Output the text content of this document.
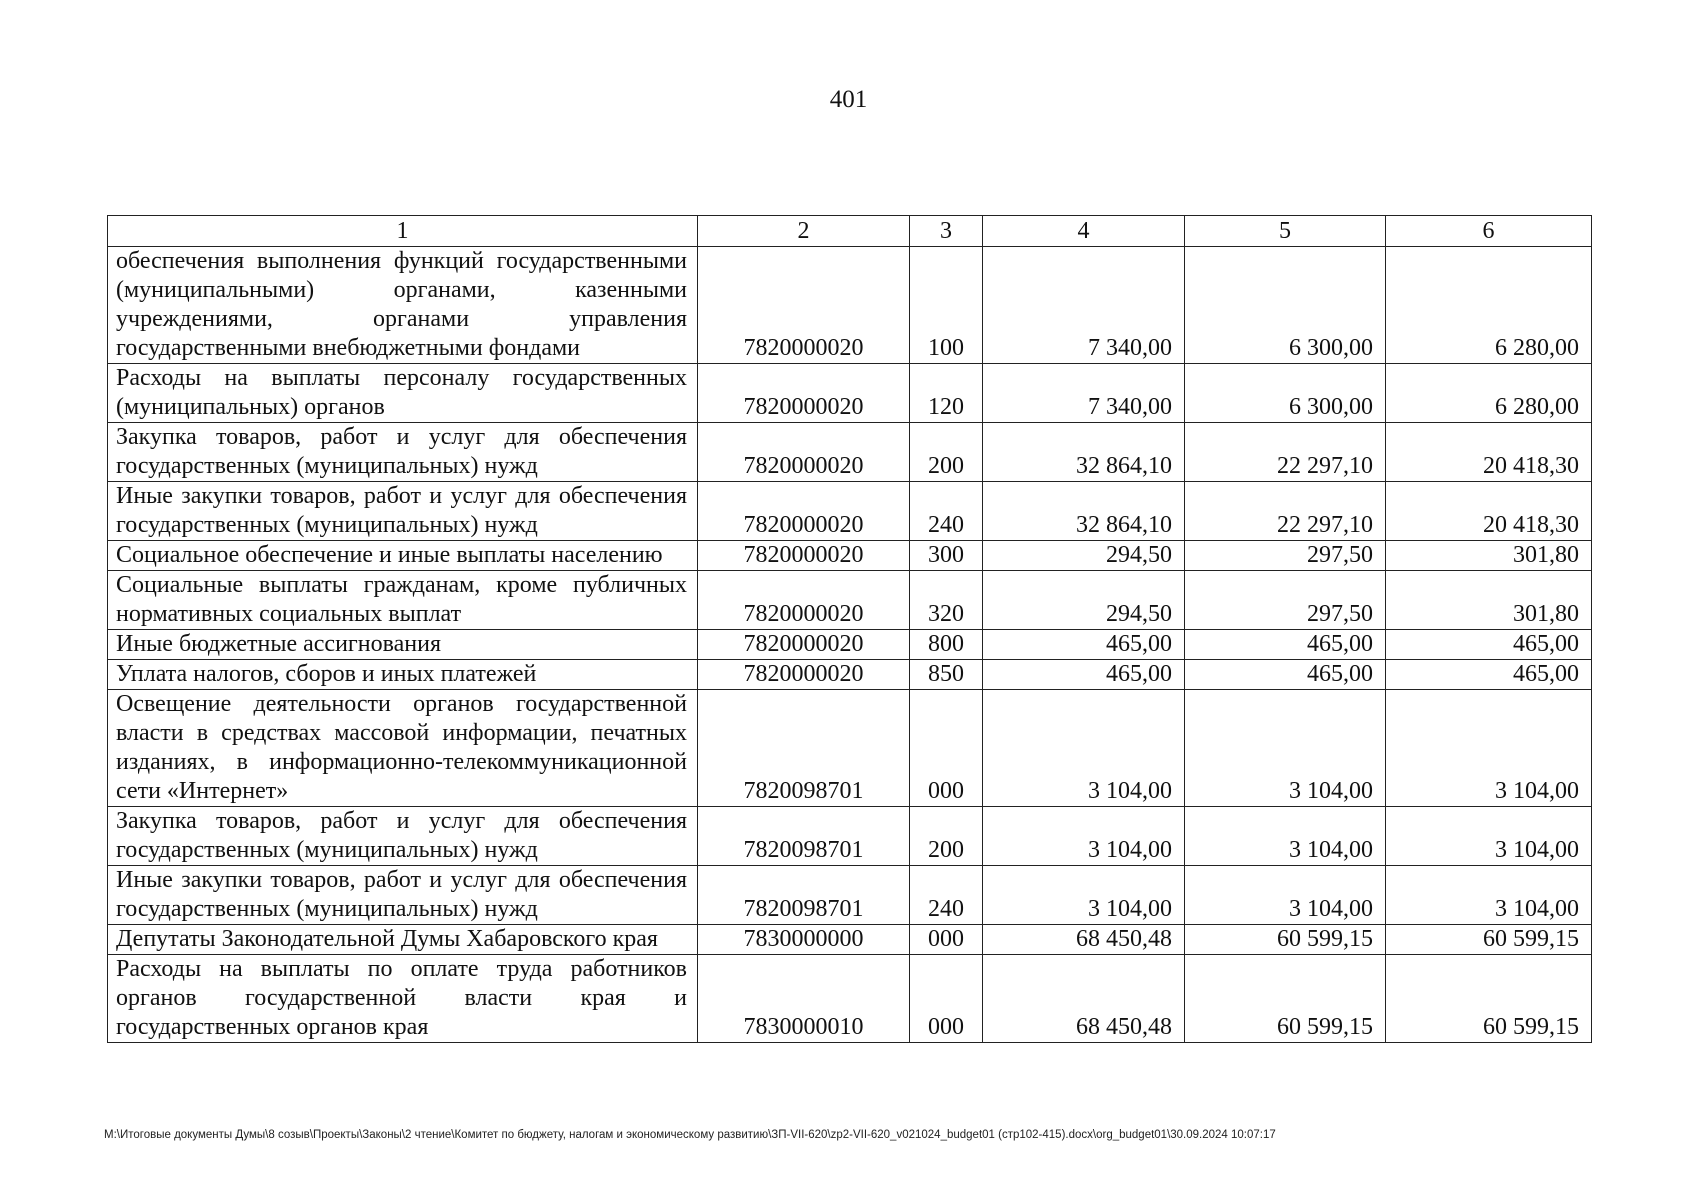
401
1	2	3	4	5	6
обеспечения выполнения функций государственными (муниципальными) органами, казенными учреждениями, органами управления государственными внебюджетными фондами	7820000020	100	7 340,00	6 300,00	6 280,00
Расходы на выплаты персоналу государственных (муниципальных) органов	7820000020	120	7 340,00	6 300,00	6 280,00
Закупка товаров, работ и услуг для обеспечения государственных (муниципальных) нужд	7820000020	200	32 864,10	22 297,10	20 418,30
Иные закупки товаров, работ и услуг для обеспечения государственных (муниципальных) нужд	7820000020	240	32 864,10	22 297,10	20 418,30
Социальное обеспечение и иные выплаты населению	7820000020	300	294,50	297,50	301,80
Социальные выплаты гражданам, кроме публичных нормативных социальных выплат	7820000020	320	294,50	297,50	301,80
Иные бюджетные ассигнования	7820000020	800	465,00	465,00	465,00
Уплата налогов, сборов и иных платежей	7820000020	850	465,00	465,00	465,00
Освещение деятельности органов государственной власти в средствах массовой информации, печатных изданиях, в информационно-телекоммуникационной сети «Интернет»	7820098701	000	3 104,00	3 104,00	3 104,00
Закупка товаров, работ и услуг для обеспечения государственных (муниципальных) нужд	7820098701	200	3 104,00	3 104,00	3 104,00
Иные закупки товаров, работ и услуг для обеспечения государственных (муниципальных) нужд	7820098701	240	3 104,00	3 104,00	3 104,00
Депутаты Законодательной Думы Хабаровского края	7830000000	000	68 450,48	60 599,15	60 599,15
Расходы на выплаты по оплате труда работников органов государственной власти края и государственных органов края	7830000010	000	68 450,48	60 599,15	60 599,15
M:\Итоговые документы Думы\8 созыв\Проекты\Законы\2 чтение\Комитет по бюджету, налогам и экономическому развитию\ЗП-VII-620\zp2-VII-620_v021024_budget01 (стр102-415).docx\org_budget01\30.09.2024 10:07:17
